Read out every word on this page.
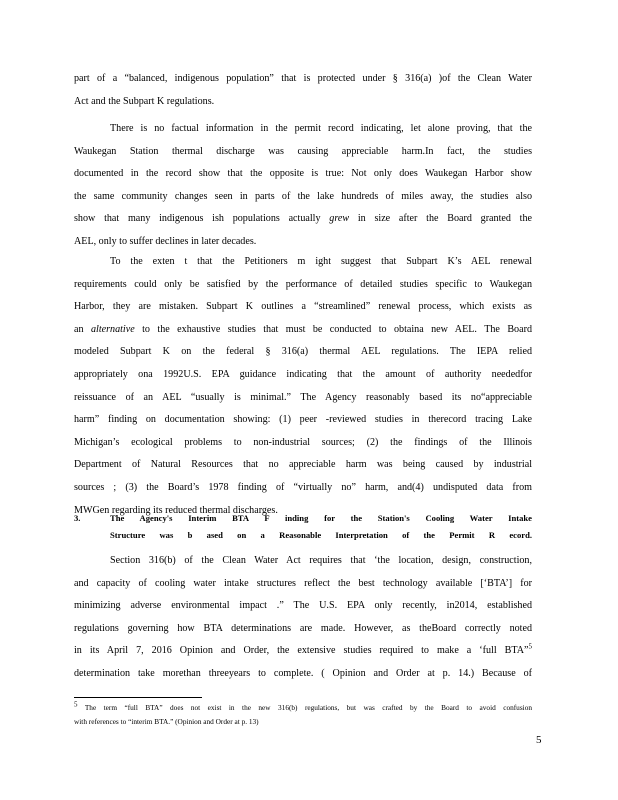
part of a “balanced, indigenous population” that is protected under § 316(a) )of the Clean Water
Act and the Subpart K regulations.
There is no factual information in the permit record indicating, let alone proving, that the
Waukegan Station thermal discharge was causing appreciable harm.In fact, the studies
documented in the record show that the opposite is true: Not only does Waukegan Harbor show
the same community changes seen in parts of the lake hundreds of miles away, the studies also
show that many indigenous ish populations actually grew in size after the Board granted the
AEL, only to suffer declines in later decades.
To the exten t that the Petitioners m ight suggest that Subpart K’s AEL renewal
requirements could only be satisfied by the performance of detailed studies specific to Waukegan
Harbor, they are mistaken. Subpart K outlines a “streamlined” renewal process, which exists as
an alternative to the exhaustive studies that must be conducted to obtaina new AEL. The Board
modeled Subpart K on the federal § 316(a) thermal AEL regulations. The IEPA relied
appropriately ona 1992U.S. EPA guidance indicating that the amount of authority neededfor
reissuance of an AEL “usually is minimal.” The Agency reasonably based its no“appreciable
harm” finding on documentation showing: (1) peer -reviewed studies in therecord tracing Lake
Michigan’s ecological problems to non-industrial sources; (2) the findings of the Illinois
Department of Natural Resources that no appreciable harm was being caused by industrial
sources ; (3) the Board’s 1978 finding of “virtually no” harm, and(4) undisputed data from
MWGen regarding its reduced thermal discharges.
3.	The Agency's Interim BTA F inding for the Station's Cooling Water Intake
Structure was b ased on a Reasonable Interpretation of the Permit R ecord.
Section 316(b) of the Clean Water Act requires that ‘the location, design, construction,
and capacity of cooling water intake structures reflect the best technology available [‘BTA’] for
minimizing adverse environmental impact .” The U.S. EPA only recently, in2014, established
regulations governing how BTA determinations are made. However, as theBoard correctly noted
in its April 7, 2016 Opinion and Order, the extensive studies required to make a ‘full BTA”$^5$
determination take morethan threeyears to complete. ( Opinion and Order at p. 14.) Because of
$^5$ The term “full BTA” does not exist in the new 316(b) regulations, but was crafted by the Board to avoid confusion
with references to “interim BTA.” (Opinion and Order at p. 13)
5
